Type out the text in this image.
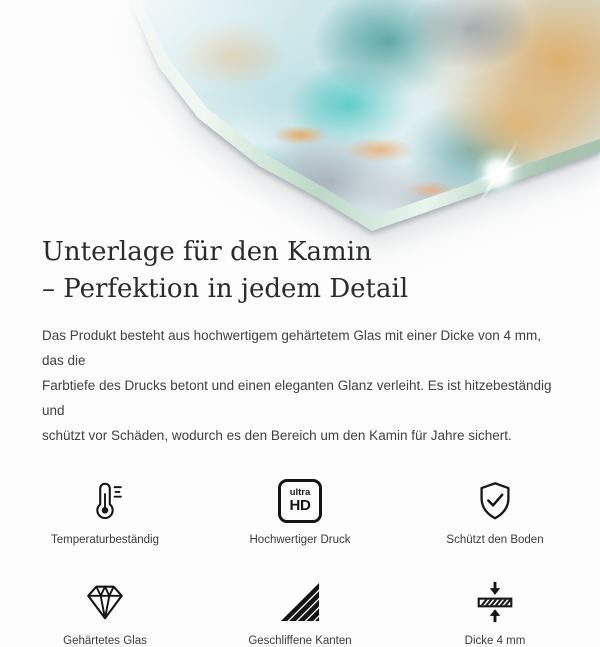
Unterlage für den Kamin
– Perfektion in jedem Detail
Das Produkt besteht aus hochwertigem gehärtetem Glas mit einer Dicke von 4 mm, das die
Farbtiefe des Drucks betont und einen eleganten Glanz verleiht. Es ist hitzebeständig und
schützt vor Schäden, wodurch es den Bereich um den Kamin für Jahre sichert.
Temperaturbeständig
ultra
HD
Hochwertiger Druck	Schützt den Boden
Gehärtetes Glas	Geschliffene Kanten	Dicke 4 mm
